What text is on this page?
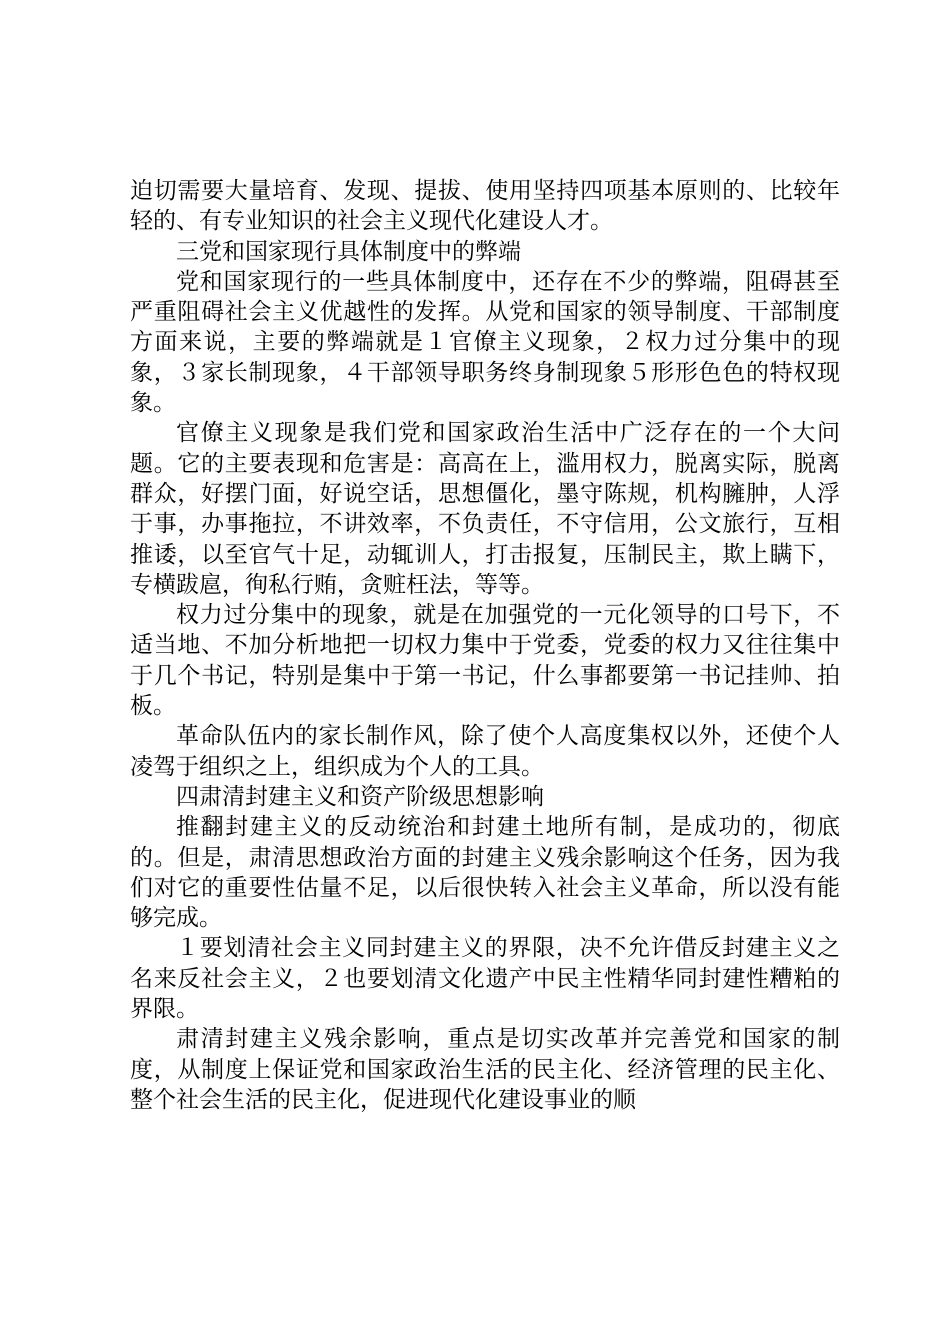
迫切需要大量培育、发现、提拔、使用坚持四项基本原则的、比较年轻的、有专业知识的社会主义现代化建设人才。

三党和国家现行具体制度中的弊端

党和国家现行的一些具体制度中，还存在不少的弊端，阻碍甚至严重阻碍社会主义优越性的发挥。从党和国家的领导制度、干部制度方面来说，主要的弊端就是１官僚主义现象，２权力过分集中的现象，３家长制现象，４干部领导职务终身制现象５形形色色的特权现象。

官僚主义现象是我们党和国家政治生活中广泛存在的一个大问题。它的主要表现和危害是：高高在上，滥用权力，脱离实际，脱离群众，好摆门面，好说空话，思想僵化，墨守陈规，机构臃肿，人浮于事，办事拖拉，不讲效率，不负责任，不守信用，公文旅行，互相推诿，以至官气十足，动辄训人，打击报复，压制民主，欺上瞒下，专横跋扈，徇私行贿，贪赃枉法，等等。

权力过分集中的现象，就是在加强党的一元化领导的口号下，不适当地、不加分析地把一切权力集中于党委，党委的权力又往往集中于几个书记，特别是集中于第一书记，什么事都要第一书记挂帅、拍板。

革命队伍内的家长制作风，除了使个人高度集权以外，还使个人凌驾于组织之上，组织成为个人的工具。

四肃清封建主义和资产阶级思想影响

推翻封建主义的反动统治和封建土地所有制，是成功的，彻底的。但是，肃清思想政治方面的封建主义残余影响这个任务，因为我们对它的重要性估量不足，以后很快转入社会主义革命，所以没有能够完成。

１要划清社会主义同封建主义的界限，决不允许借反封建主义之名来反社会主义，２也要划清文化遗产中民主性精华同封建性糟粕的界限。

肃清封建主义残余影响，重点是切实改革并完善党和国家的制度，从制度上保证党和国家政治生活的民主化、经济管理的民主化、整个社会生活的民主化，促进现代化建设事业的顺
